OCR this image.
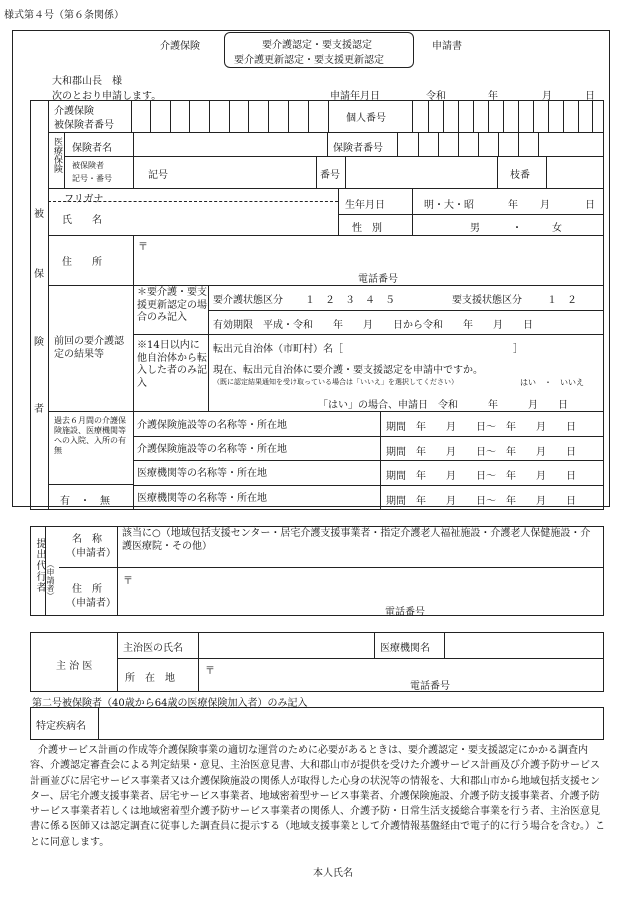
様式第４号（第６条関係）
介護保険	要介護認定・要支援認定
要介護更新認定・要支援更新認定
申請書
大和郡山長　様
次のとおり申請します。	申請年月日	令和	年	月	日
被
保
険
者
介護保険
被保険者番号
個人番号
医療保険 保険者名	保険者番号
被保険者
記号・番号	記号	番号	枝番
フリガナ
氏　　名
生年月日	明・大・昭	年 月	日
性　別	男	・	女
住　　所
〒
電話番号
前回の要介護認定の結果等
＊要介護・要支援更新認定の場合のみ記入
要介護状態区分 １　２　３　４　５	要支援状態区分	１　２
有効期限　平成・令和　　年　　月　　日から令和　　年　　月　　日
※14日以内に他自治体から転入した者のみ記入
転出元自治体（市町村）名［　　　　　　　　　　　　　　　　　］
現在、転出元自治体に要介護・要支援認定を申請中ですか。
（既に認定結果通知を受け取っている場合は「いいえ」を選択してください）	はい　・　いいえ
「はい」の場合、申請日　令和　　　年　　　月　　日
過去６月間の介護保険施設、医療機関等への入院、入所の有無
有　・　無
介護保険施設等の名称等・所在地	期間　年　　月　　日～　年　　月　　日
介護保険施設等の名称等・所在地	期間　年　　月　　日～　年　　月　　日
医療機関等の名称等・所在地	期間　年　　月　　日～　年　　月　　日
医療機関等の名称等・所在地	期間　年　　月　　日～　年　　月　　日
提出代行者 （申請者）
名　称
（申請者）
該当に○（地域包括支援センター・居宅介護支援事業者・指定介護老人福祉施設・介護老人保健施設・介護医療院・その他）
住　所
（申請者）
〒
電話番号
主 治 医
主治医の氏名	医療機関名
所　在　地
〒
電話番号
第二号被保険者（40歳から64歳の医療保険加入者）のみ記入
特定疾病名
介護サービス計画の作成等介護保険事業の適切な運営のために必要があるときは、要介護認定・要支援認定にかかる調査内容、介護認定審査会による判定結果・意見、主治医意見書、大和郡山市が提供を受けた介護サービス計画及び介護予防サービス計画並びに居宅サービス事業者又は介護保険施設の関係人が取得した心身の状況等の情報を、大和郡山市から地域包括支援センター、居宅介護支援事業者、居宅サービス事業者、地域密着型サービス事業者、介護保険施設、介護予防支援事業者、介護予防サービス事業者若しくは地域密着型介護予防サービス事業者の関係人、介護予防・日常生活支援総合事業を行う者、主治医意見書に係る医師又は認定調査に従事した調査員に提示する（地域支援事業として介護情報基盤経由で電子的に行う場合を含む。）ことに同意します。
本人氏名
